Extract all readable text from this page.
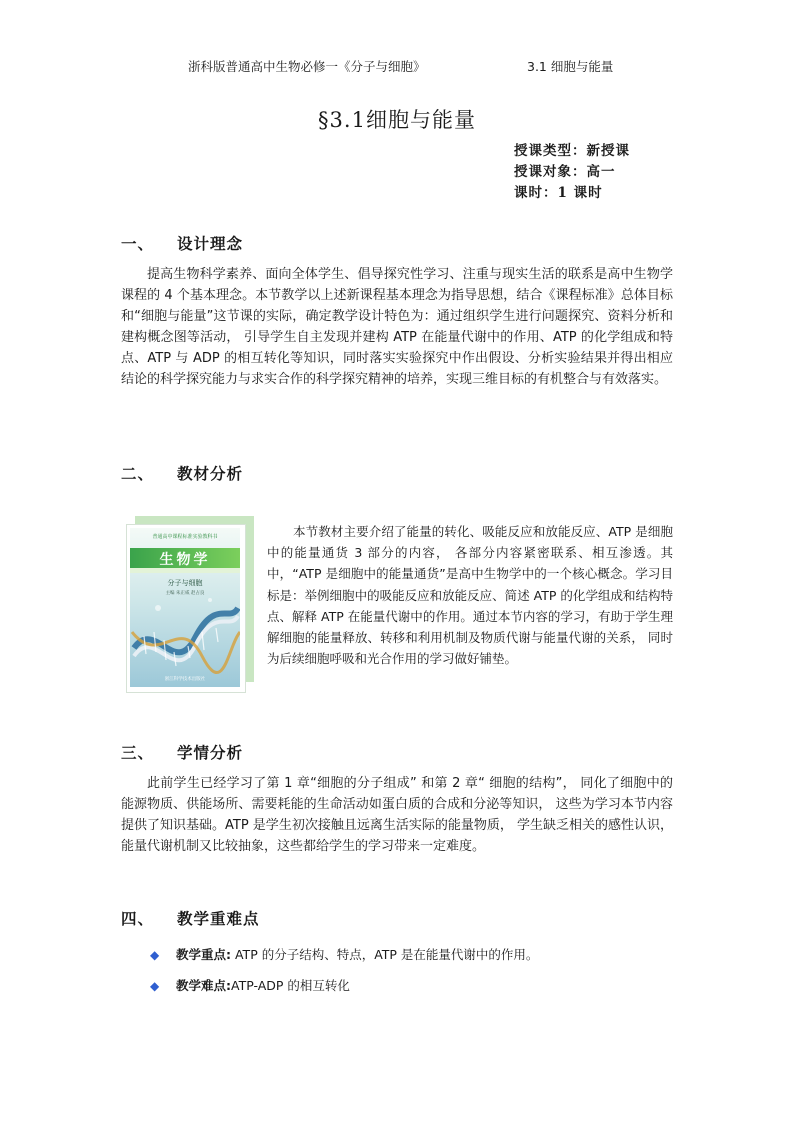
浙科版普通高中生物必修一《分子与细胞》	3.1 细胞与能量
§3.1细胞与能量
授课类型：新授课
授课对象：高一
课时：1 课时
一、 设计理念
提高生物科学素养、面向全体学生、倡导探究性学习、注重与现实生活的联系是高中生物学课程的 4 个基本理念。本节教学以上述新课程基本理念为指导思想，结合《课程标准》总体目标和“细胞与能量”这节课的实际，确定教学设计特色为：通过组织学生进行问题探究、资料分析和建构概念图等活动， 引导学生自主发现并建构 ATP 在能量代谢中的作用、ATP 的化学组成和特点、ATP 与 ADP 的相互转化等知识，同时落实实验探究中作出假设、分析实验结果并得出相应结论的科学探究能力与求实合作的科学探究精神的培养，实现三维目标的有机整合与有效落实。
二、 教材分析
普通高中课程标准实验教科书
生物学
分子与细胞
主编 朱正威 赵占良
浙江科学技术出版社
本节教材主要介绍了能量的转化、吸能反应和放能反应、ATP 是细胞中的能量通货 3 部分的内容， 各部分内容紧密联系、相互渗透。其中，“ATP 是细胞中的能量通货”是高中生物学中的一个核心概念。学习目标是：举例细胞中的吸能反应和放能反应、简述 ATP 的化学组成和结构特点、解释 ATP 在能量代谢中的作用。通过本节内容的学习，有助于学生理解细胞的能量释放、转移和利用机制及物质代谢与能量代谢的关系， 同时为后续细胞呼吸和光合作用的学习做好铺垫。
三、 学情分析
此前学生已经学习了第 1 章“细胞的分子组成” 和第 2 章“ 细胞的结构”， 同化了细胞中的能源物质、供能场所、需要耗能的生命活动如蛋白质的合成和分泌等知识， 这些为学习本节内容提供了知识基础。ATP 是学生初次接触且远离生活实际的能量物质， 学生缺乏相关的感性认识，能量代谢机制又比较抽象，这些都给学生的学习带来一定难度。
四、 教学重难点
◆ 教学重点: ATP 的分子结构、特点，ATP 是在能量代谢中的作用。
◆ 教学难点:ATP-ADP 的相互转化
